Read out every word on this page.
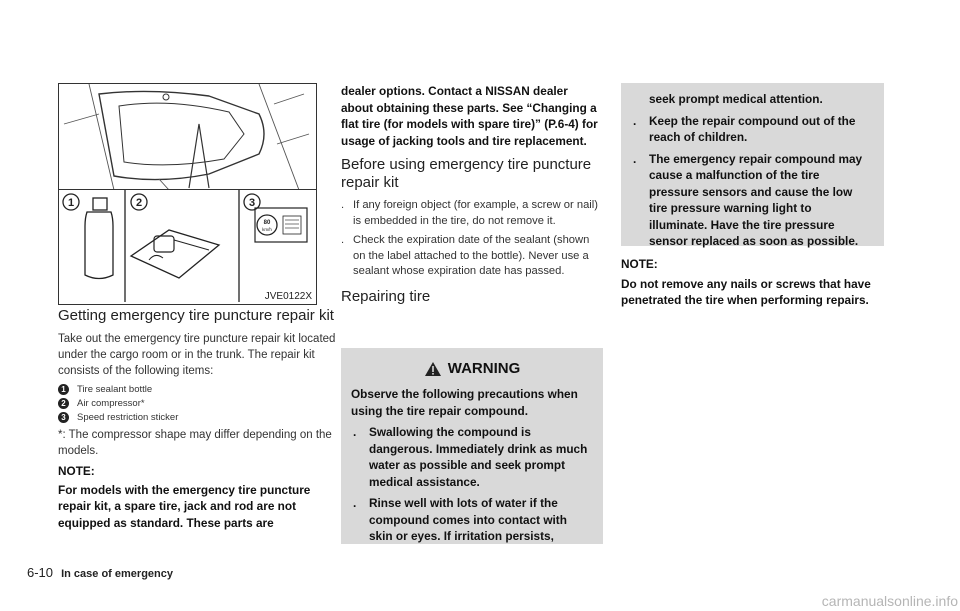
1	2	3
80
km/h
JVE0122X
Getting emergency tire puncture repair kit

Take out the emergency tire puncture repair kit located under the cargo room or in the trunk. The repair kit consists of the following items:

1	Tire sealant bottle
2	Air compressor*
3	Speed restriction sticker

*: The compressor shape may differ depending on the models.

NOTE:

For models with the emergency tire puncture repair kit, a spare tire, jack and rod are not equipped as standard. These parts are

dealer options. Contact a NISSAN dealer about obtaining these parts. See “Changing a flat tire (for models with spare tire)” (P.6-4) for usage of jacking tools and tire replacement.

Before using emergency tire puncture repair kit
. If any foreign object (for example, a screw or nail) is embedded in the tire, do not remove it.
. Check the expiration date of the sealant (shown on the label attached to the bottle). Never use a sealant whose expiration date has passed.
Repairing tire
WARNING

Observe the following precautions when using the tire repair compound.

.	Swallowing the compound is dangerous. Immediately drink as much water as possible and seek prompt medical assistance.
.	Rinse well with lots of water if the compound comes into contact with skin or eyes. If irritation persists,
seek prompt medical attention.
.	Keep the repair compound out of the reach of children.
.	The emergency repair compound may cause a malfunction of the tire pressure sensors and cause the low tire pressure warning light to illuminate. Have the tire pressure sensor replaced as soon as possible.

NOTE:

Do not remove any nails or screws that have penetrated the tire when performing repairs.

6-10 In case of emergency
carmanualsonline.info
